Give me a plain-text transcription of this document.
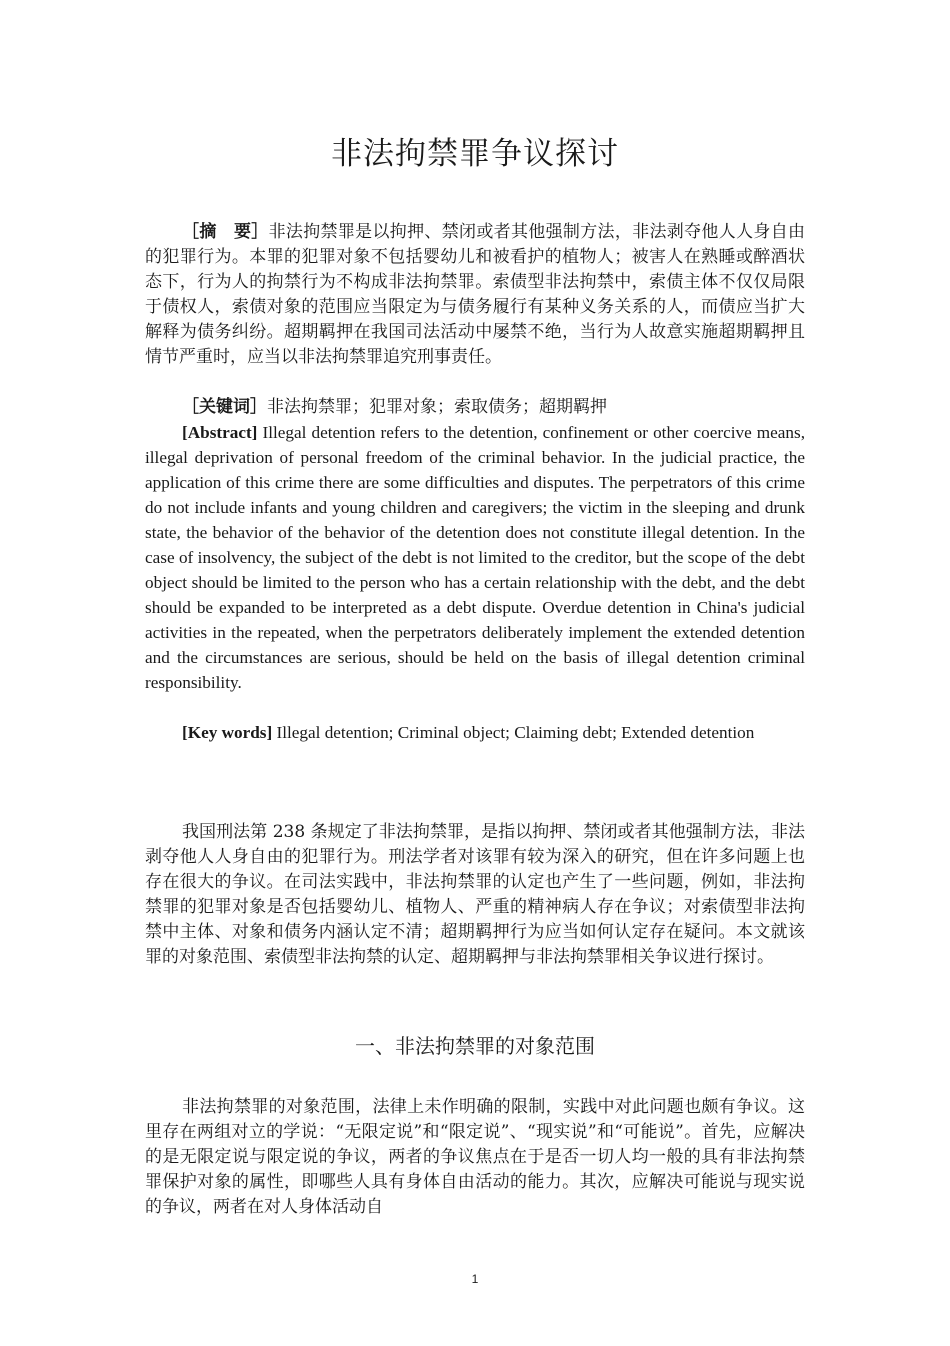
非法拘禁罪争议探讨

［摘　要］非法拘禁罪是以拘押、禁闭或者其他强制方法，非法剥夺他人人身自由的犯罪行为。本罪的犯罪对象不包括婴幼儿和被看护的植物人；被害人在熟睡或醉酒状态下，行为人的拘禁行为不构成非法拘禁罪。索债型非法拘禁中，索债主体不仅仅局限于债权人，索债对象的范围应当限定为与债务履行有某种义务关系的人，而债应当扩大解释为债务纠纷。超期羁押在我国司法活动中屡禁不绝，当行为人故意实施超期羁押且情节严重时，应当以非法拘禁罪追究刑事责任。

［关键词］非法拘禁罪；犯罪对象；索取债务；超期羁押

[Abstract] Illegal detention refers to the detention, confinement or other coercive means, illegal deprivation of personal freedom of the criminal behavior. In the judicial practice, the application of this crime there are some difficulties and disputes. The perpetrators of this crime do not include infants and young children and caregivers; the victim in the sleeping and drunk state, the behavior of the behavior of the detention does not constitute illegal detention. In the case of insolvency, the subject of the debt is not limited to the creditor, but the scope of the debt object should be limited to the person who has a certain relationship with the debt, and the debt should be expanded to be interpreted as a debt dispute. Overdue detention in China's judicial activities in the repeated, when the perpetrators deliberately implement the extended detention and the circumstances are serious, should be held on the basis of illegal detention criminal responsibility.

[Key words] Illegal detention; Criminal object; Claiming debt; Extended detention

我国刑法第 238 条规定了非法拘禁罪，是指以拘押、禁闭或者其他强制方法，非法剥夺他人人身自由的犯罪行为。刑法学者对该罪有较为深入的研究，但在许多问题上也存在很大的争议。在司法实践中，非法拘禁罪的认定也产生了一些问题，例如，非法拘禁罪的犯罪对象是否包括婴幼儿、植物人、严重的精神病人存在争议；对索债型非法拘禁中主体、对象和债务内涵认定不清；超期羁押行为应当如何认定存在疑问。本文就该罪的对象范围、索债型非法拘禁的认定、超期羁押与非法拘禁罪相关争议进行探讨。

一、非法拘禁罪的对象范围

非法拘禁罪的对象范围，法律上未作明确的限制，实践中对此问题也颇有争议。这里存在两组对立的学说：“无限定说”和“限定说”、“现实说”和“可能说”。首先，应解决的是无限定说与限定说的争议，两者的争议焦点在于是否一切人均一般的具有非法拘禁罪保护对象的属性，即哪些人具有身体自由活动的能力。其次，应解决可能说与现实说的争议，两者在对人身体活动自

1
